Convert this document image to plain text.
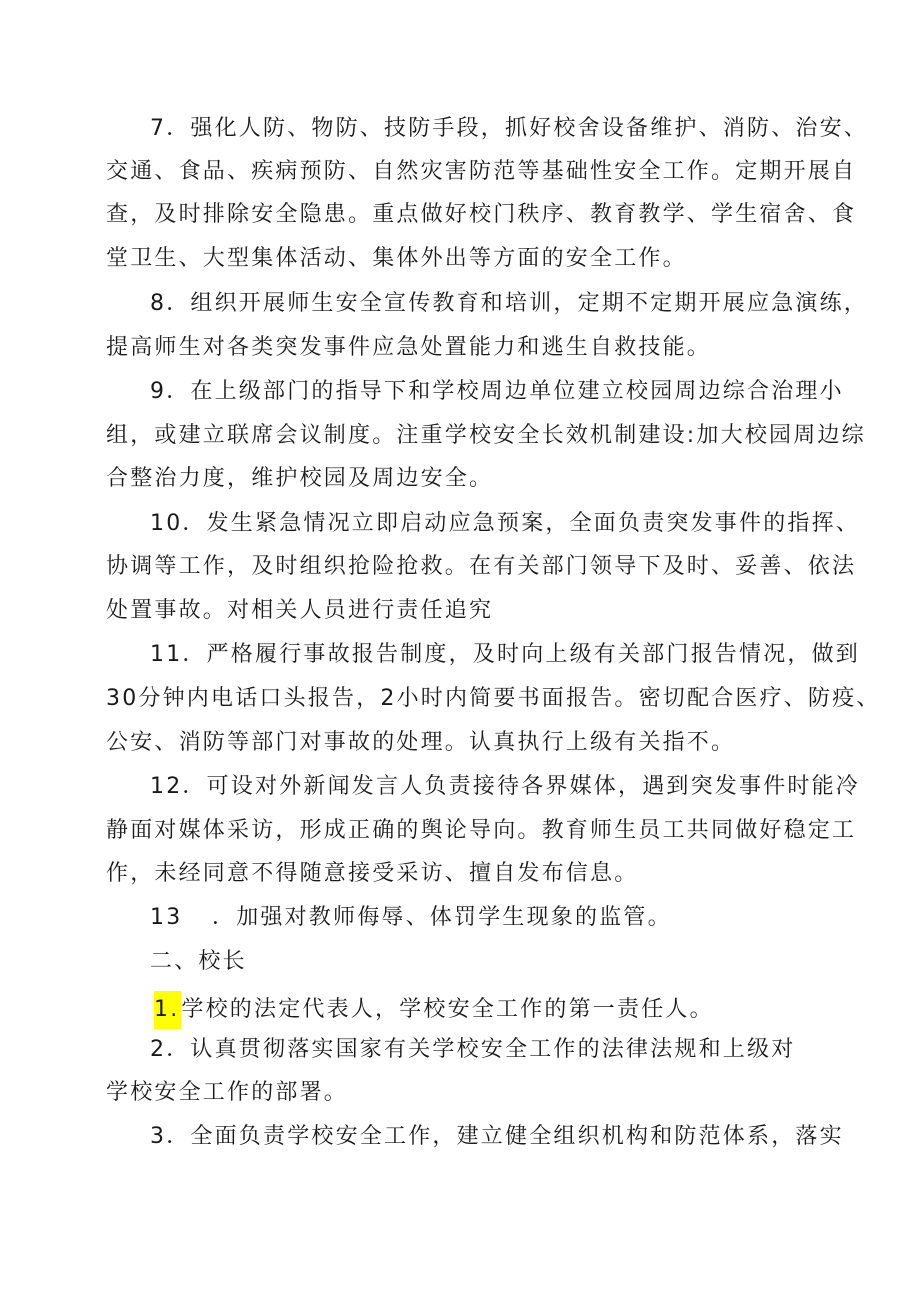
7．强化人防、物防、技防手段，抓好校舍设备维护、消防、治安、
交通、食品、疾病预防、自然灾害防范等基础性安全工作。定期开展自
查，及时排除安全隐患。重点做好校门秩序、教育教学、学生宿舍、食
堂卫生、大型集体活动、集体外出等方面的安全工作。
8．组织开展师生安全宣传教育和培训，定期不定期开展应急演练，
提高师生对各类突发事件应急处置能力和逃生自救技能。
9．在上级部门的指导下和学校周边单位建立校园周边综合治理小
组，或建立联席会议制度。注重学校安全长效机制建设:加大校园周边综
合整治力度，维护校园及周边安全。
10．发生紧急情况立即启动应急预案，全面负责突发事件的指挥、
协调等工作，及时组织抢险抢救。在有关部门领导下及时、妥善、依法
处置事故。对相关人员进行责任追究
11．严格履行事故报告制度，及时向上级有关部门报告情况，做到
30分钟内电话口头报告，2小时内简要书面报告。密切配合医疗、防疫、
公安、消防等部门对事故的处理。认真执行上级有关指不。
12．可设对外新闻发言人负责接待各界媒体，遇到突发事件时能冷
静面对媒体采访，形成正确的舆论导向。教育师生员工共同做好稳定工
作，未经同意不得随意接受采访、擅自发布信息。
13 ．加强对教师侮辱、体罚学生现象的监管。
二、校长
1.学校的法定代表人，学校安全工作的第一责任人。
2．认真贯彻落实国家有关学校安全工作的法律法规和上级对
学校安全工作的部署。
3．全面负责学校安全工作，建立健全组织机构和防范体系，落实
